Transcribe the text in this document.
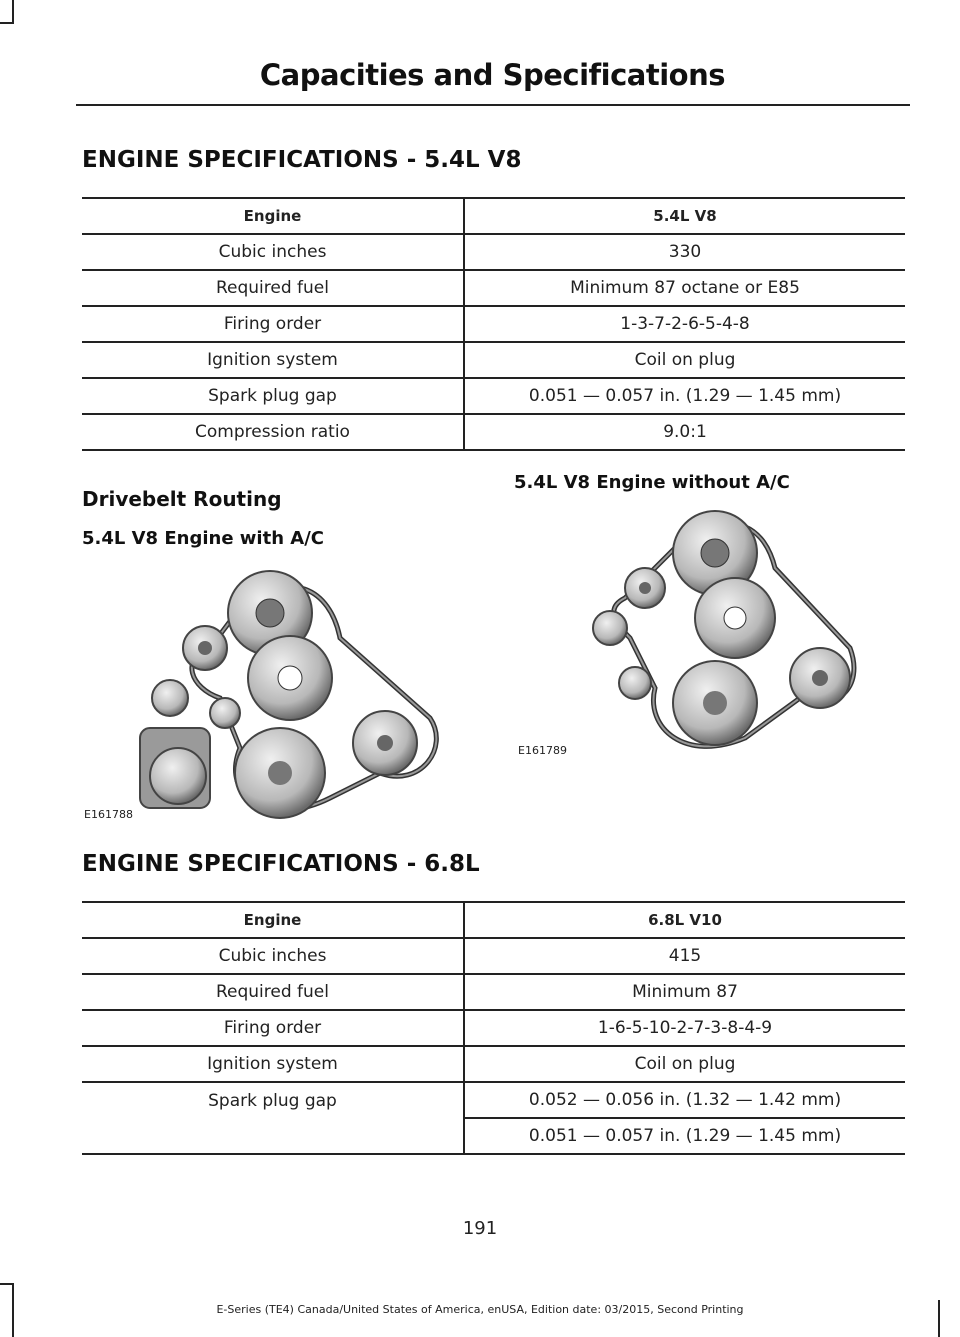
Capacities and Specifications
ENGINE SPECIFICATIONS - 5.4L V8
Engine	5.4L V8
Cubic inches	330
Required fuel	Minimum 87 octane or E85
Firing order	1-3-7-2-6-5-4-8
Ignition system	Coil on plug
Spark plug gap	0.051 — 0.057 in. (1.29 — 1.45 mm)
Compression ratio	9.0:1
Drivebelt Routing
5.4L V8 Engine with A/C
5.4L V8 Engine without A/C
E161788
E161789
ENGINE SPECIFICATIONS - 6.8L
Engine	6.8L V10
Cubic inches	415
Required fuel	Minimum 87
Firing order	1-6-5-10-2-7-3-8-4-9
Ignition system	Coil on plug
Spark plug gap	0.052 — 0.056 in. (1.32 — 1.42 mm)
	0.051 — 0.057 in. (1.29 — 1.45 mm)
191
E-Series (TE4) Canada/United States of America, enUSA, Edition date: 03/2015, Second Printing
